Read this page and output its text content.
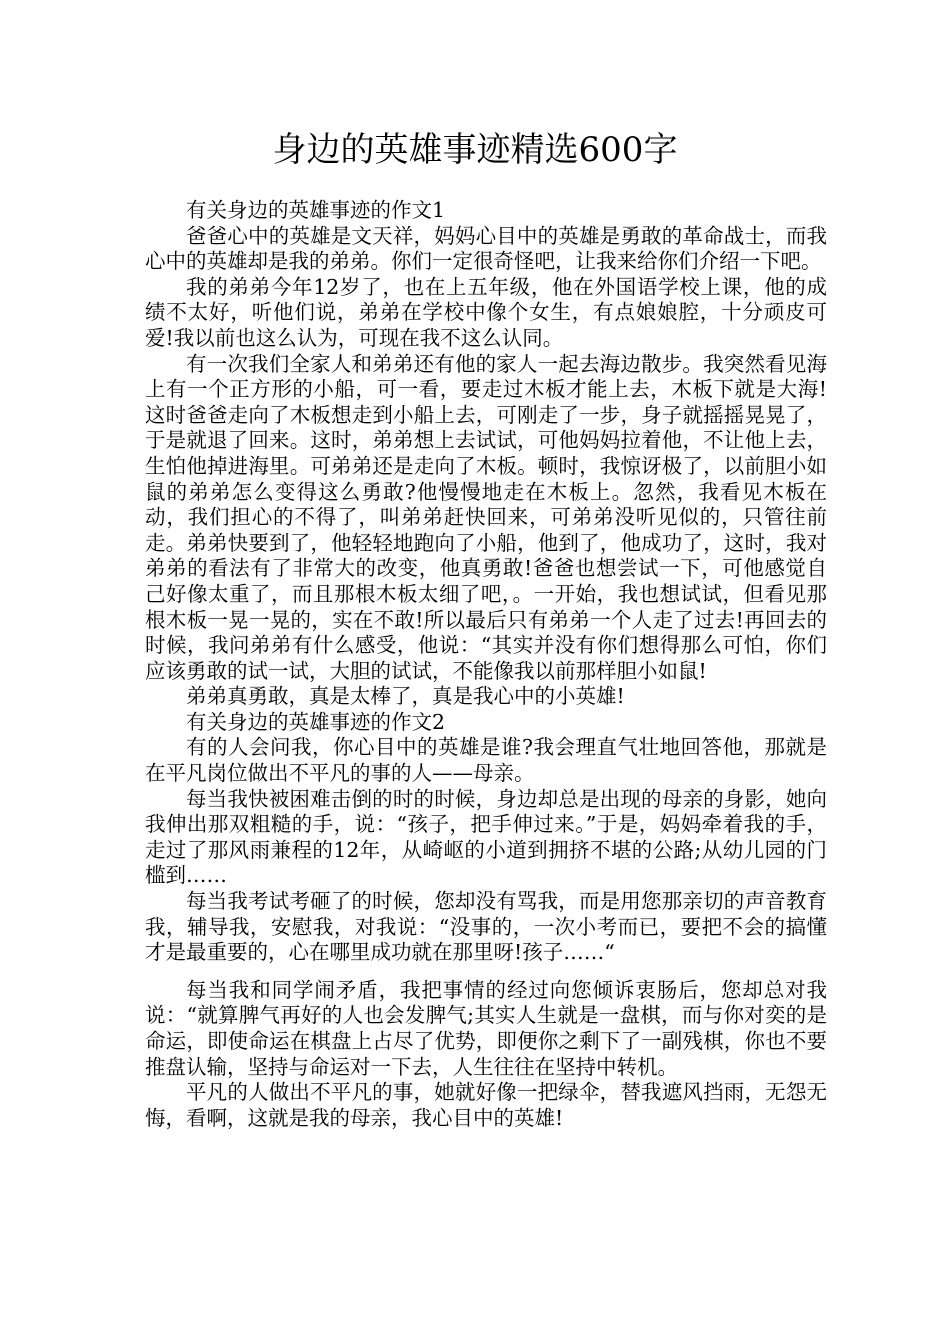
身边的英雄事迹精选600字

有关身边的英雄事迹的作文1

爸爸心中的英雄是文天祥，妈妈心目中的英雄是勇敢的革命战士，而我心中的英雄却是我的弟弟。你们一定很奇怪吧，让我来给你们介绍一下吧。

我的弟弟今年12岁了，也在上五年级，他在外国语学校上课，他的成绩不太好，听他们说，弟弟在学校中像个女生，有点娘娘腔，十分顽皮可爱!我以前也这么认为，可现在我不这么认同。

有一次我们全家人和弟弟还有他的家人一起去海边散步。我突然看见海上有一个正方形的小船，可一看，要走过木板才能上去，木板下就是大海!这时爸爸走向了木板想走到小船上去，可刚走了一步，身子就摇摇晃晃了，于是就退了回来。这时，弟弟想上去试试，可他妈妈拉着他，不让他上去，生怕他掉进海里。可弟弟还是走向了木板。顿时，我惊讶极了，以前胆小如鼠的弟弟怎么变得这么勇敢?他慢慢地走在木板上。忽然，我看见木板在动，我们担心的不得了，叫弟弟赶快回来，可弟弟没听见似的，只管往前走。弟弟快要到了，他轻轻地跑向了小船，他到了，他成功了，这时，我对弟弟的看法有了非常大的改变，他真勇敢!爸爸也想尝试一下，可他感觉自己好像太重了，而且那根木板太细了吧，。一开始，我也想试试，但看见那根木板一晃一晃的，实在不敢!所以最后只有弟弟一个人走了过去!再回去的时候，我问弟弟有什么感受，他说：“其实并没有你们想得那么可怕，你们应该勇敢的试一试，大胆的试试，不能像我以前那样胆小如鼠!

弟弟真勇敢，真是太棒了，真是我心中的小英雄!

有关身边的英雄事迹的作文2

有的人会问我，你心目中的英雄是谁?我会理直气壮地回答他，那就是在平凡岗位做出不平凡的事的人——母亲。

每当我快被困难击倒的时的时候，身边却总是出现的母亲的身影，她向我伸出那双粗糙的手，说：“孩子，把手伸过来。”于是，妈妈牵着我的手，走过了那风雨兼程的12年，从崎岖的小道到拥挤不堪的公路;从幼儿园的门槛到……

每当我考试考砸了的时候，您却没有骂我，而是用您那亲切的声音教育我，辅导我，安慰我，对我说：“没事的，一次小考而已，要把不会的搞懂才是最重要的，心在哪里成功就在那里呀!孩子……“

每当我和同学闹矛盾，我把事情的经过向您倾诉衷肠后，您却总对我说：“就算脾气再好的人也会发脾气;其实人生就是一盘棋，而与你对奕的是命运，即使命运在棋盘上占尽了优势，即便你之剩下了一副残棋，你也不要推盘认输，坚持与命运对一下去，人生往往在坚持中转机。

平凡的人做出不平凡的事，她就好像一把绿伞，替我遮风挡雨，无怨无悔，看啊，这就是我的母亲，我心目中的英雄!
